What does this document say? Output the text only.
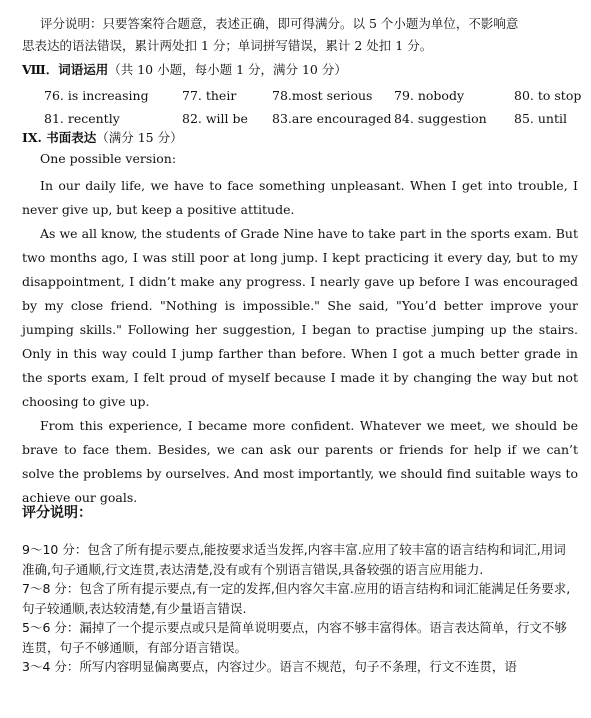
评分说明：只要答案符合题意，表述正确，即可得满分。以 5 个小题为单位，不影响意
思表达的语法错误，累计两处扣 1 分；单词拼写错误，累计 2 处扣 1 分。
Ⅷ．词语运用（共 10 小题，每小题 1 分，满分 10 分）
76. is increasing	77. their	78.most serious 79. nobody	80. to stop
81. recently	82. will be 83.are encouraged 84. suggestion 85. until
IX. 书面表达（满分 15 分）
One possible version:

In our daily life, we have to face something unpleasant. When I get into trouble, I never give up, but keep a positive attitude.

As we all know, the students of Grade Nine have to take part in the sports exam. But two months ago, I was still poor at long jump. I kept practicing it every day, but to my disappointment, I didn’t make any progress. I nearly gave up before I was encouraged by my close friend. "Nothing is impossible." She said, "You’d better improve your jumping skills." Following her suggestion, I began to practise jumping up the stairs. Only in this way could I jump farther than before. When I got a much better grade in the sports exam, I felt proud of myself because I made it by changing the way but not choosing to give up.

From this experience, I became more confident. Whatever we meet, we should be brave to face them. Besides, we can ask our parents or friends for help if we can’t solve the problems by ourselves. And most importantly, we should find suitable ways to achieve our goals.

评分说明：

9～10 分：包含了所有提示要点,能按要求适当发挥,内容丰富.应用了较丰富的语言结构和词汇,用词准确,句子通顺,行文连贯,表达清楚,没有或有个别语言错误,具备较强的语言应用能力.

7～8 分：包含了所有提示要点,有一定的发挥,但内容欠丰富.应用的语言结构和词汇能满足任务要求,句子较通顺,表达较清楚,有少量语言错误.

5～6 分：漏掉了一个提示要点或只是简单说明要点，内容不够丰富得体。语言表达简单，行文不够连贯，句子不够通顺，有部分语言错误。

3～4 分：所写内容明显偏离要点，内容过少。语言不规范，句子不条理，行文不连贯，语
